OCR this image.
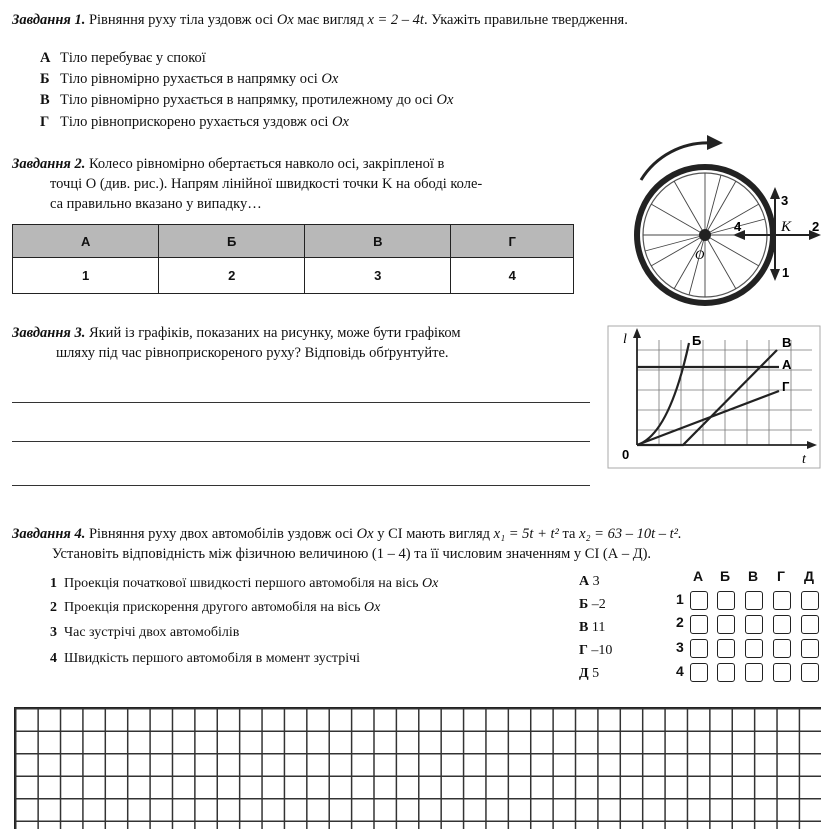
Завдання 1. Рівняння руху тіла уздовж осі Ox має вигляд x = 2 – 4t. Укажіть правильне твердження.
А Тіло перебуває у спокої
Б Тіло рівномірно рухається в напрямку осі Ox
В Тіло рівномірно рухається в напрямку, протилежному до осі Ox
Г Тіло рівноприскорено рухається уздовж осі Ox
Завдання 2. Колесо рівномірно обертається навколо осі, закріпленої в
точці O (див. рис.). Напрям лінійної швидкості точки K на ободі коле-
са правильно вказано у випадку…
А	Б	В	Г
1	2	3	4
K
O
1
2
3
4
Завдання 3. Який із графіків, показаних на рисунку, може бути графіком
шляху під час рівноприскореного руху? Відповідь обґрунтуйте.
l
t
0
Б	В
А
Г
Завдання 4. Рівняння руху двох автомобілів уздовж осі Ox у СІ мають вигляд x₁ = 5t + t² та x₂ = 63 – 10t – t².
Установіть відповідність між фізичною величиною (1 – 4) та її числовим значенням у СІ (А – Д).
1 Проекція початкової швидкості першого автомобіля на вісь Ox
2 Проекція прискорення другого автомобіля на вісь Ox
3 Час зустрічі двох автомобілів
4 Швидкість першого автомобіля в момент зустрічі
А 3
Б –2
В 11
Г –10
Д 5
А Б В Г Д
1
2
3
4
